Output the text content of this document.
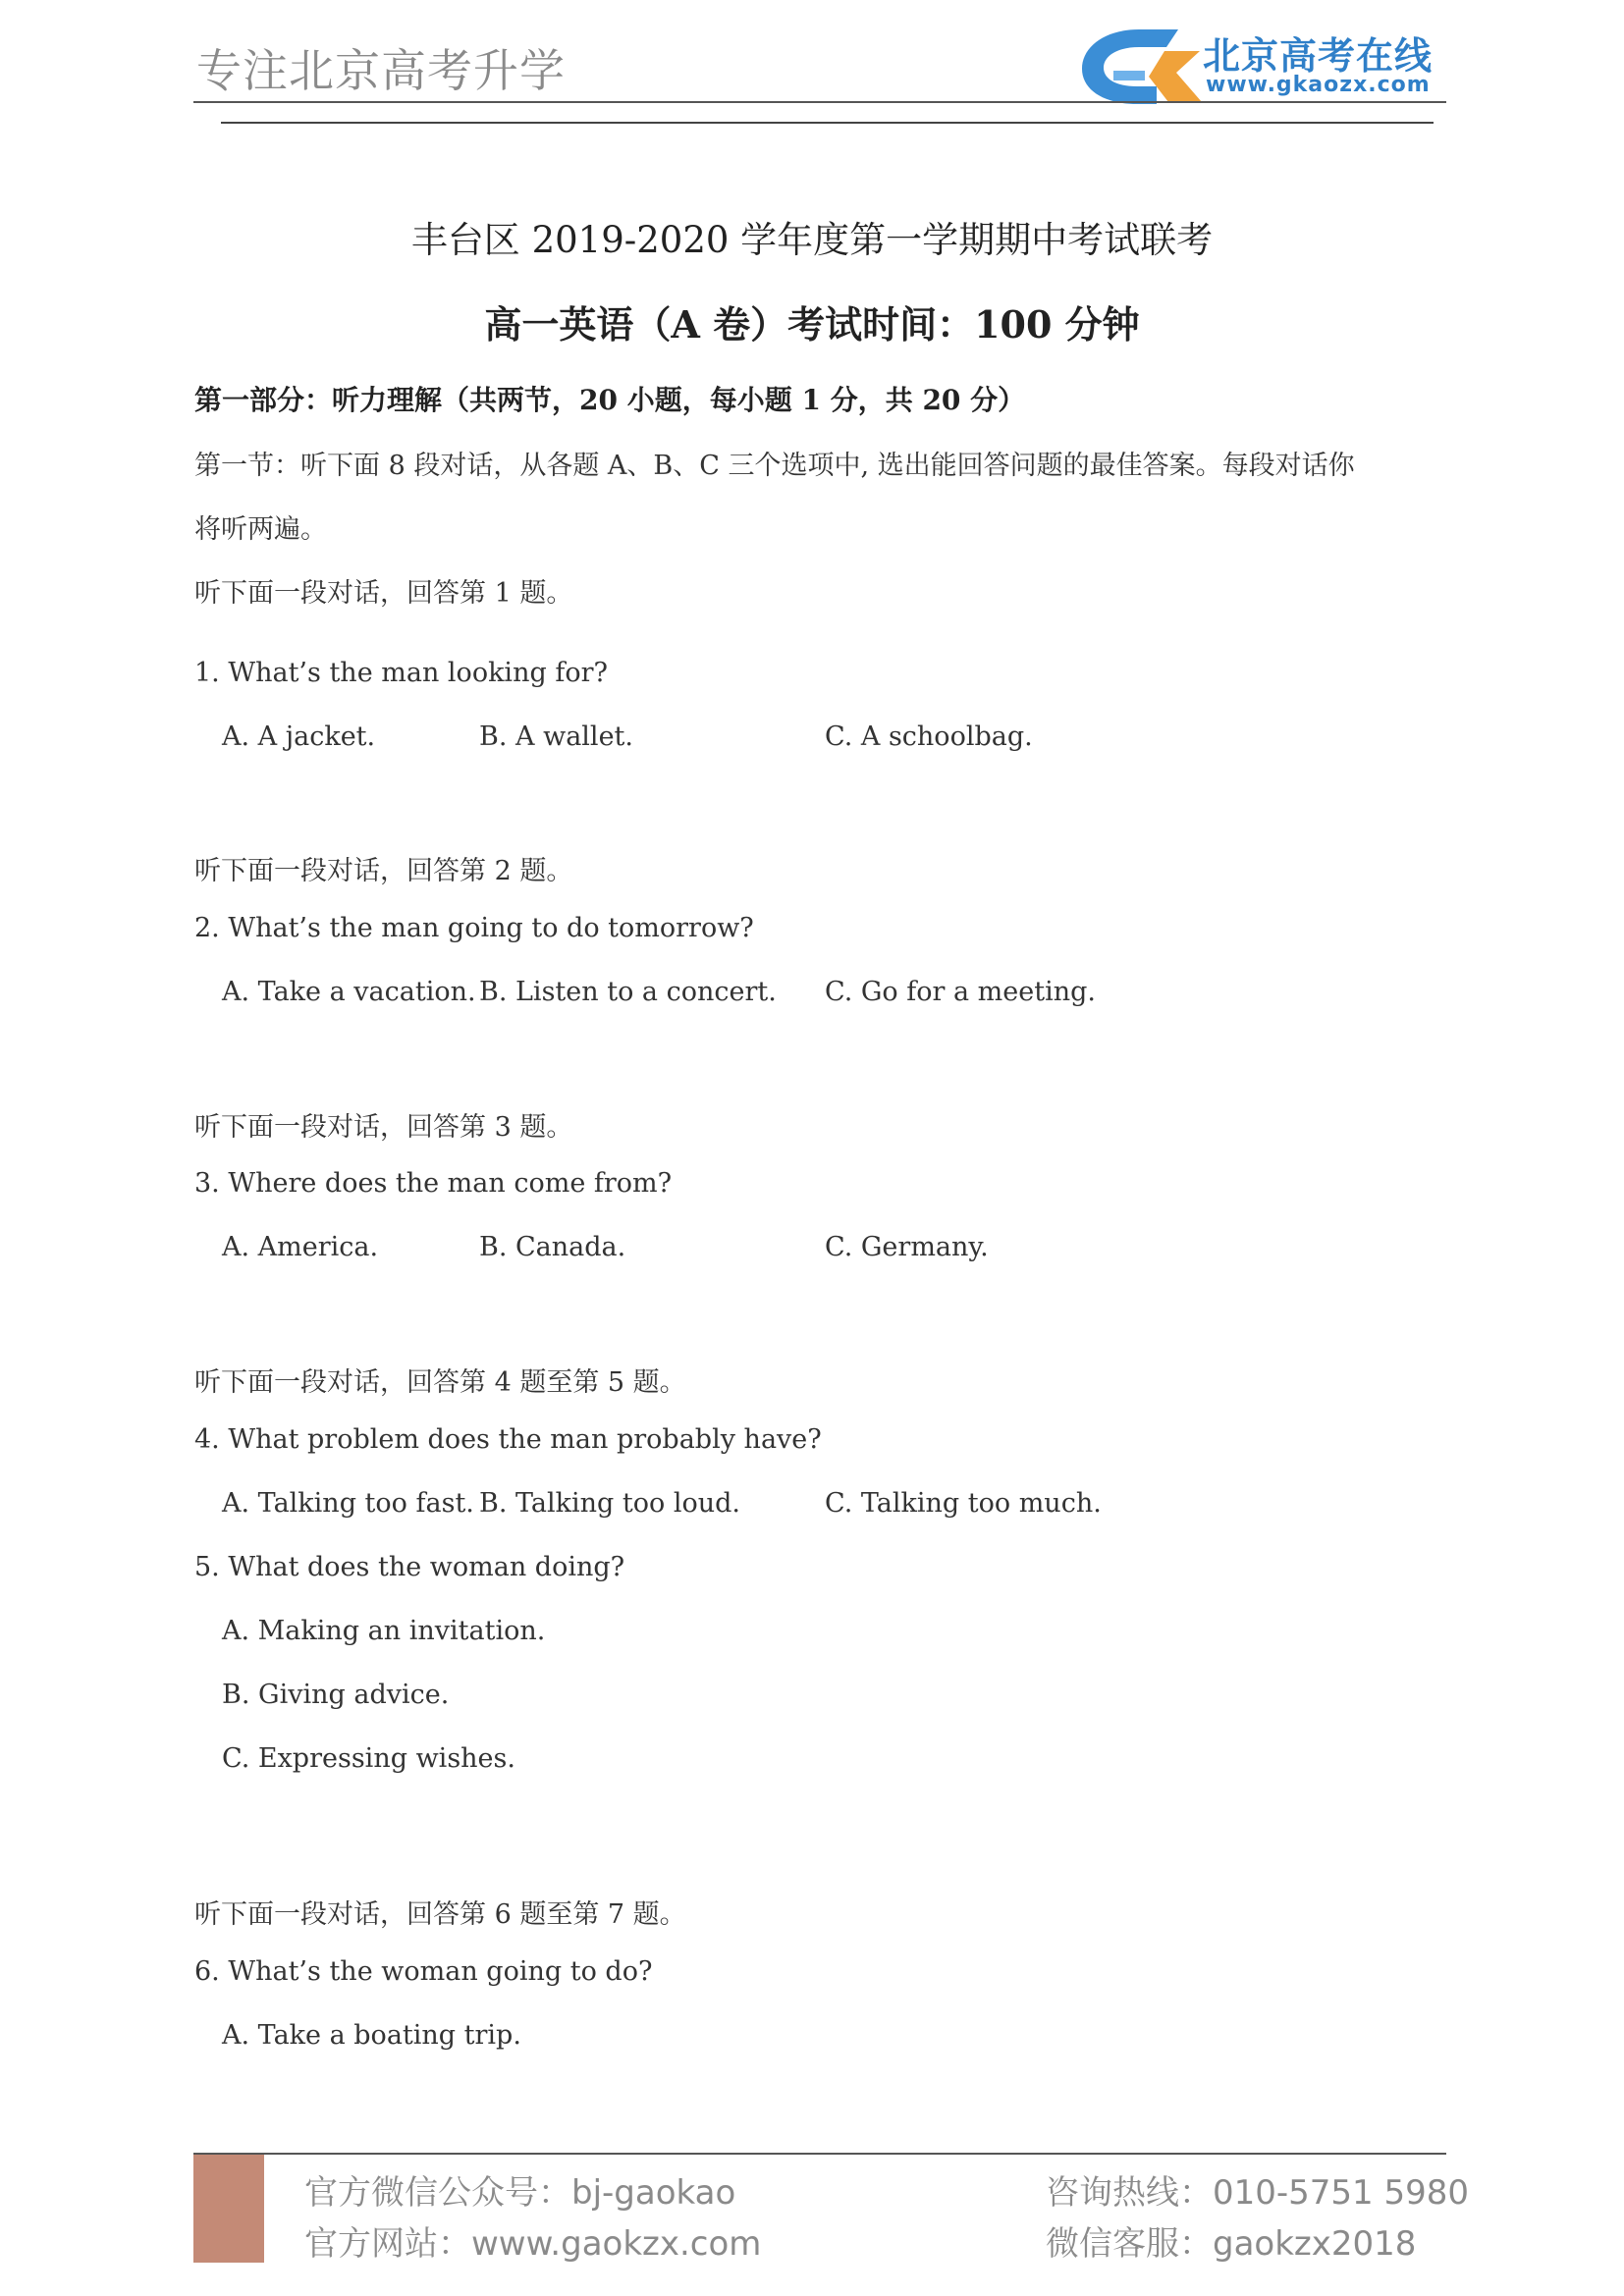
专注北京高考升学	北京高考在线
www.gkaozx.com
丰台区 2019-2020 学年度第一学期期中考试联考
高一英语（A 卷）考试时间：100 分钟
第一部分：听力理解（共两节，20 小题，每小题 1 分，共 20 分）
第一节：听下面 8 段对话，从各题 A、B、C 三个选项中, 选出能回答问题的最佳答案。每段对话你
将听两遍。
听下面一段对话，回答第 1 题。
听下面一段对话，回答第 2 题。
听下面一段对话，回答第 3 题。
听下面一段对话，回答第 4 题至第 5 题。
听下面一段对话，回答第 6 题至第 7 题。
1. What’s the man looking for?
A. A jacket.	B. A wallet.	C. A schoolbag.
2. What’s the man going to do tomorrow?
A. Take a vacation. B. Listen to a concert. C. Go for a meeting.
3. Where does the man come from?
A. America.	B. Canada.	C. Germany.
4. What problem does the man probably have?
A. Talking too fast. B. Talking too loud.	C. Talking too much.
5. What does the woman doing?
A. Making an invitation.
B. Giving advice.
C. Expressing wishes.
6. What’s the woman going to do?
A. Take a boating trip.
官方微信公众号：bj-gaokao
官方网站：www.gaokzx.com
咨询热线：010-5751 5980
微信客服：gaokzx2018
